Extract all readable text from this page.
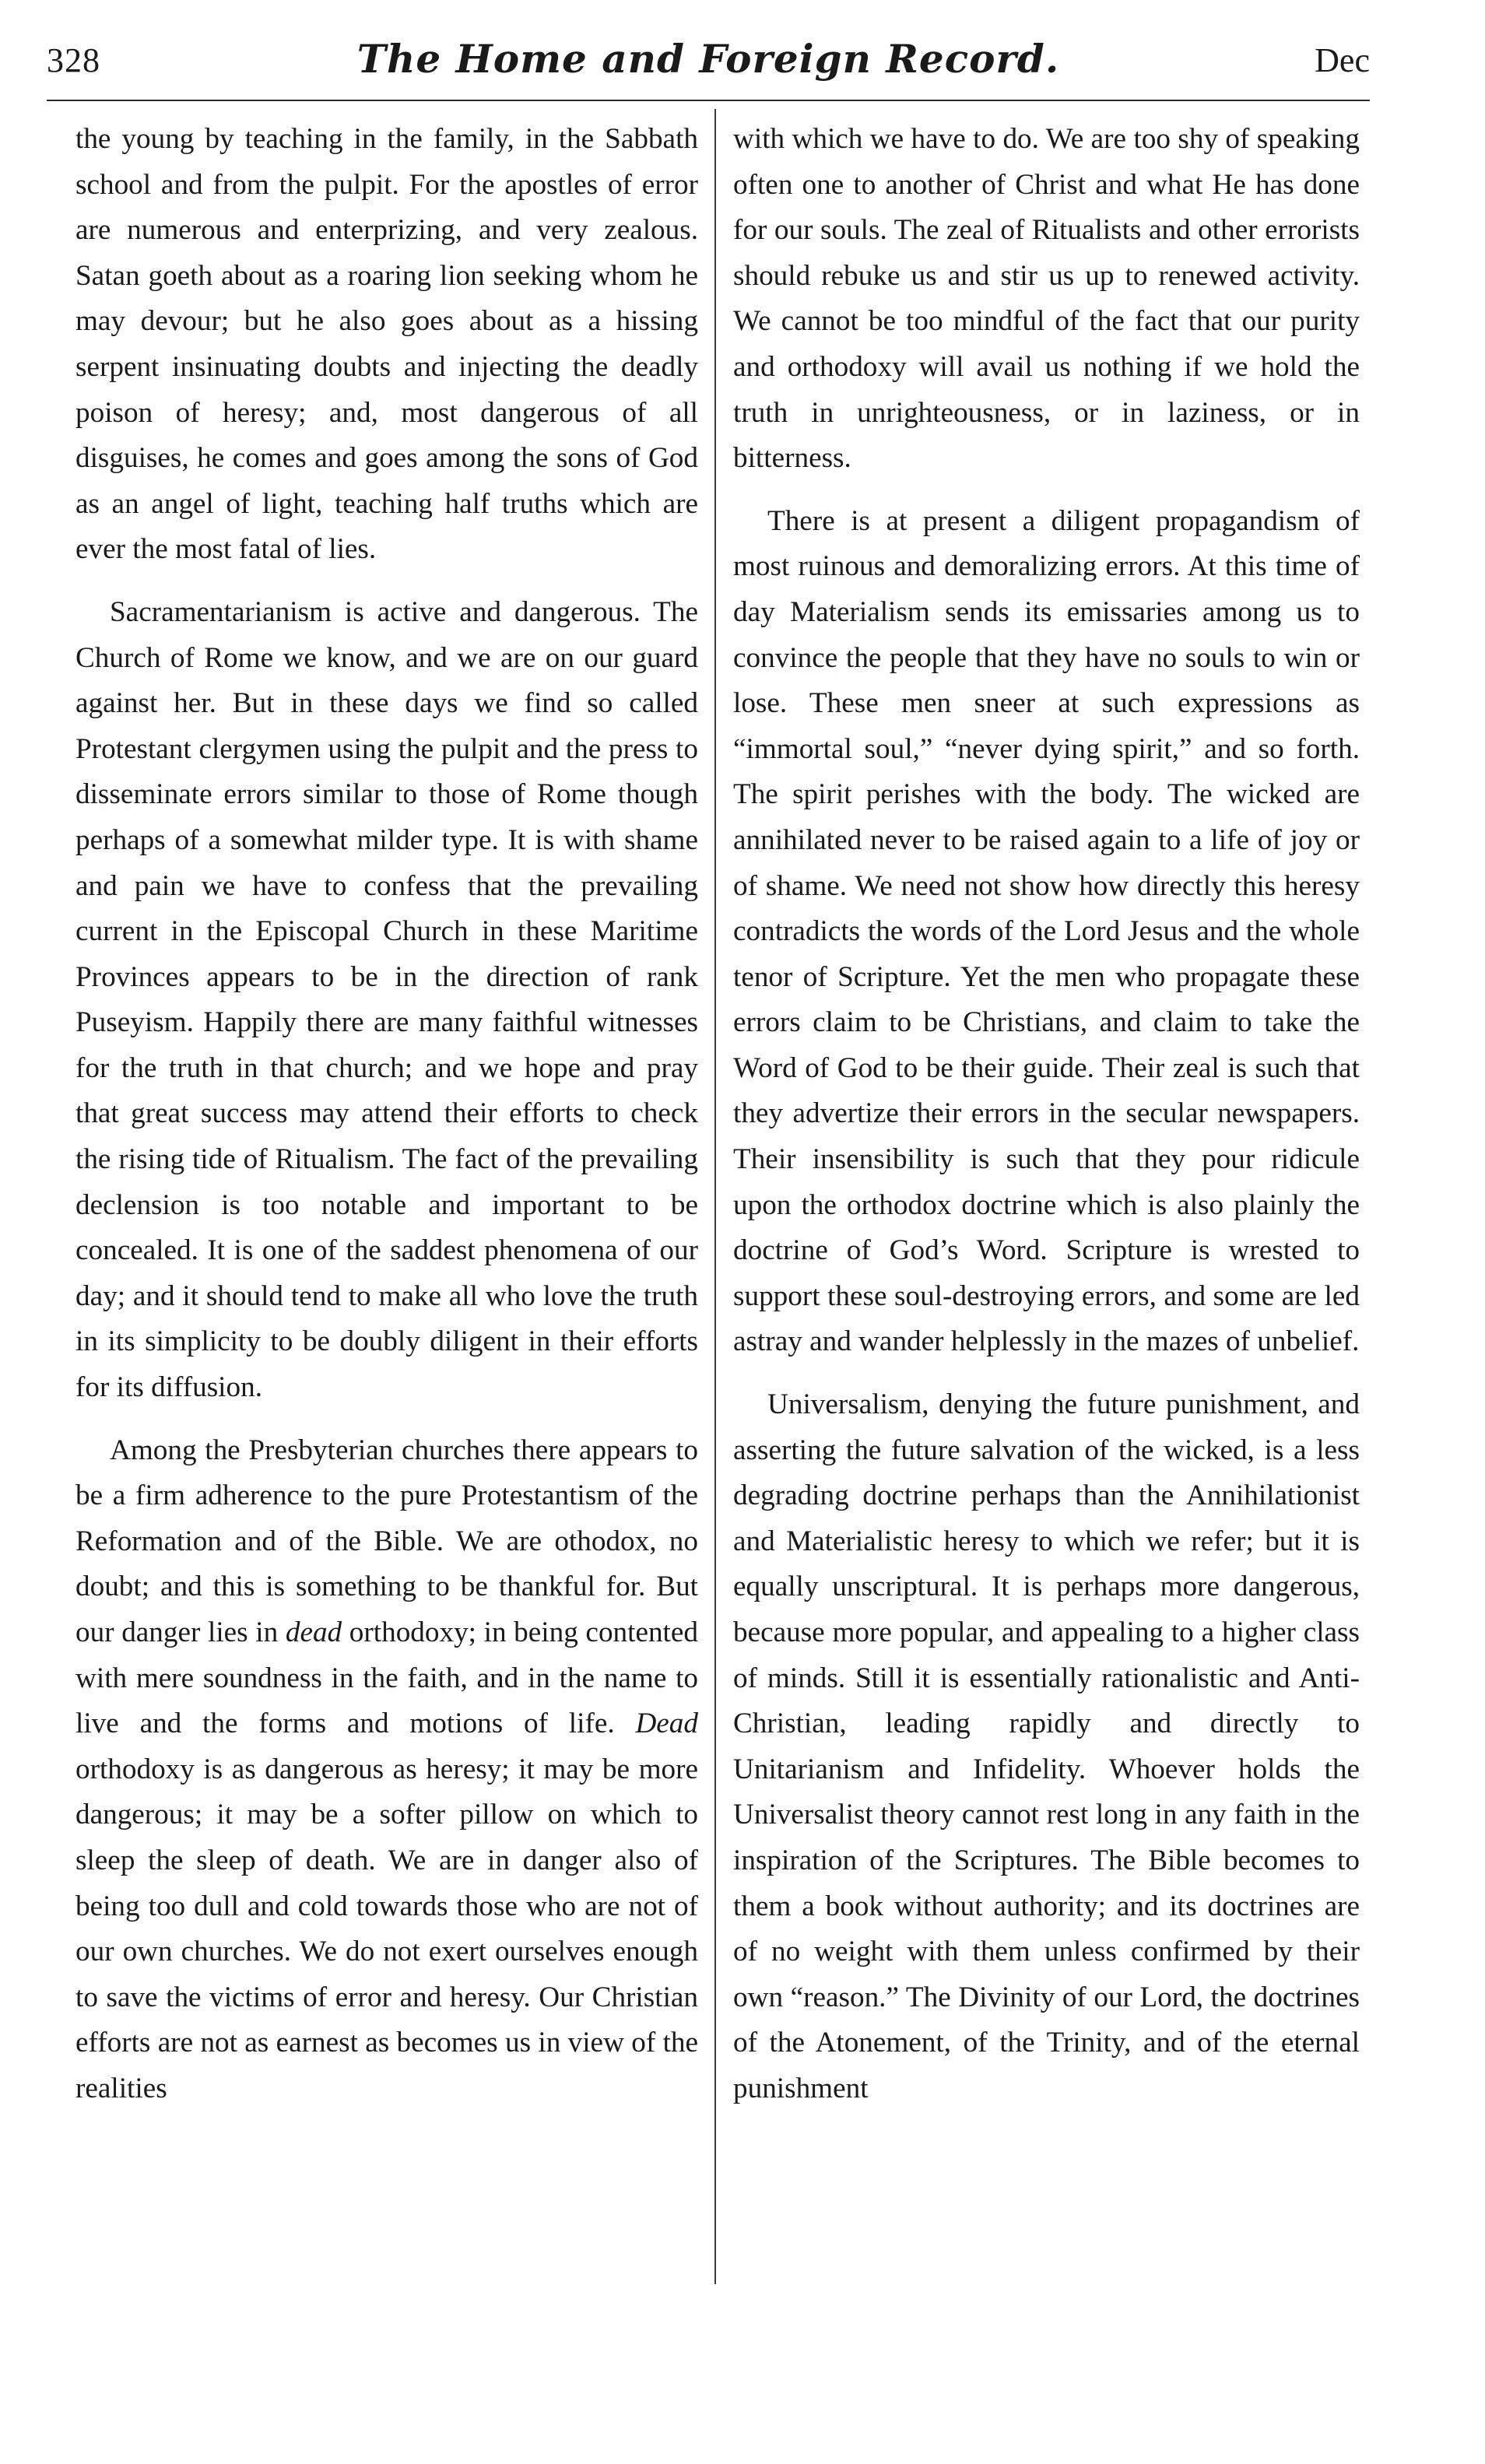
328	The Home and Foreign Record.	Dec

the young by teaching in the family, in the Sabbath school and from the pulpit. For the apostles of error are numerous and enterprizing, and very zealous. Satan goeth about as a roaring lion seeking whom he may devour; but he also goes about as a hissing serpent insinuating doubts and injecting the deadly poison of heresy; and, most dangerous of all disguises, he comes and goes among the sons of God as an angel of light, teaching half truths which are ever the most fatal of lies.

Sacramentarianism is active and dangerous. The Church of Rome we know, and we are on our guard against her. But in these days we find so called Protestant clergymen using the pulpit and the press to disseminate errors similar to those of Rome though perhaps of a somewhat milder type. It is with shame and pain we have to confess that the prevailing current in the Episcopal Church in these Maritime Provinces appears to be in the direction of rank Puseyism. Happily there are many faithful witnesses for the truth in that church; and we hope and pray that great success may attend their efforts to check the rising tide of Ritualism. The fact of the prevailing declension is too notable and important to be concealed. It is one of the saddest phenomena of our day; and it should tend to make all who love the truth in its simplicity to be doubly diligent in their efforts for its diffusion.

Among the Presbyterian churches there appears to be a firm adherence to the pure Protestantism of the Reformation and of the Bible. We are othodox, no doubt; and this is something to be thankful for. But our danger lies in dead orthodoxy; in being contented with mere soundness in the faith, and in the name to live and the forms and motions of life. Dead orthodoxy is as dangerous as heresy; it may be more dangerous; it may be a softer pillow on which to sleep the sleep of death. We are in danger also of being too dull and cold towards those who are not of our own churches. We do not exert ourselves enough to save the victims of error and heresy. Our Christian efforts are not as earnest as becomes us in view of the realities

with which we have to do. We are too shy of speaking often one to another of Christ and what He has done for our souls. The zeal of Ritualists and other errorists should rebuke us and stir us up to renewed activity. We cannot be too mindful of the fact that our purity and orthodoxy will avail us nothing if we hold the truth in unrighteousness, or in laziness, or in bitterness.

There is at present a diligent propagandism of most ruinous and demoralizing errors. At this time of day Materialism sends its emissaries among us to convince the people that they have no souls to win or lose. These men sneer at such expressions as “immortal soul,” “never dying spirit,” and so forth. The spirit perishes with the body. The wicked are annihilated never to be raised again to a life of joy or of shame. We need not show how directly this heresy contradicts the words of the Lord Jesus and the whole tenor of Scripture. Yet the men who propagate these errors claim to be Christians, and claim to take the Word of God to be their guide. Their zeal is such that they advertize their errors in the secular newspapers. Their insensibility is such that they pour ridicule upon the orthodox doctrine which is also plainly the doctrine of God’s Word. Scripture is wrested to support these soul-destroying errors, and some are led astray and wander helplessly in the mazes of unbelief.

Universalism, denying the future punishment, and asserting the future salvation of the wicked, is a less degrading doctrine perhaps than the Annihilationist and Materialistic heresy to which we refer; but it is equally unscriptural. It is perhaps more dangerous, because more popular, and appealing to a higher class of minds. Still it is essentially rationalistic and Anti-Christian, leading rapidly and directly to Unitarianism and Infidelity. Whoever holds the Universalist theory cannot rest long in any faith in the inspiration of the Scriptures. The Bible becomes to them a book without authority; and its doctrines are of no weight with them unless confirmed by their own “reason.” The Divinity of our Lord, the doctrines of the Atonement, of the Trinity, and of the eternal punishment
